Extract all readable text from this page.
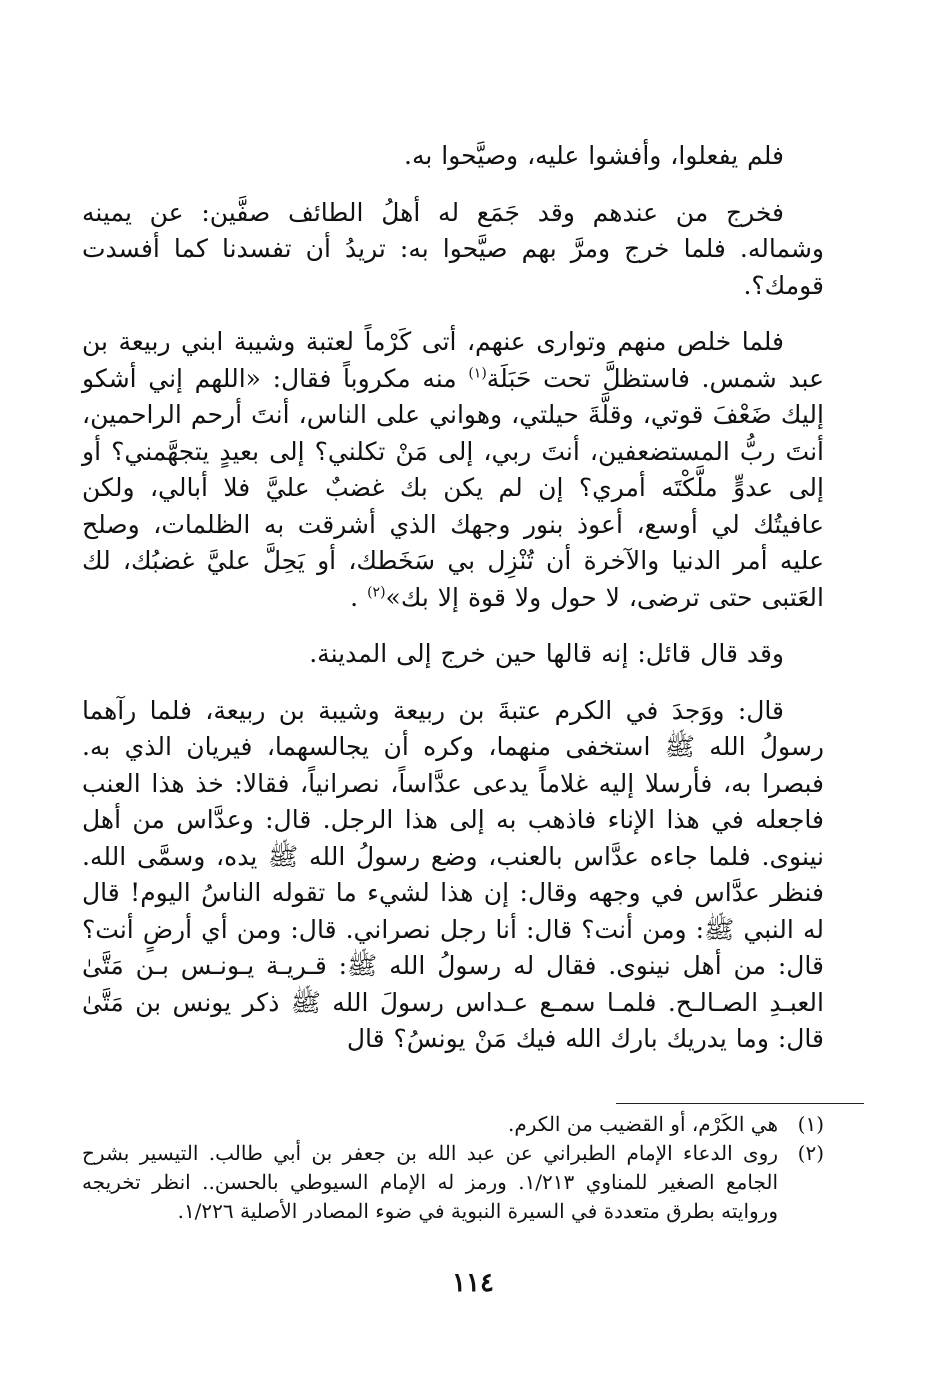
فلم يفعلوا، وأفشوا عليه، وصيَّحوا به.

فخرج من عندهم وقد جَمَع له أهلُ الطائف صفَّين: عن يمينه وشماله. فلما خرج ومرَّ بهم صيَّحوا به: تريدُ أن تفسدنا كما أفسدت قومك؟.

فلما خلص منهم وتوارى عنهم، أتى كَرْماً لعتبة وشيبة ابني ربيعة بن عبد شمس. فاستظلَّ تحت حَبَلَة$^{(١)}$ منه مكروباً فقال: «اللهم إني أشكو إليك ضَعْفَ قوتي، وقلَّةَ حيلتي، وهواني على الناس، أنتَ أرحم الراحمين، أنتَ ربُّ المستضعفين، أنتَ ربي، إلى مَنْ تكلني؟ إلى بعيدٍ يتجهَّمني؟ أو إلى عدوٍّ ملَّكْتَه أمري؟ إن لم يكن بك غضبٌ عليَّ فلا أبالي، ولكن عافيتُك لي أوسع، أعوذ بنور وجهك الذي أشرقت به الظلمات، وصلح عليه أمر الدنيا والآخرة أن تُنْزِل بي سَخَطك، أو يَحِلَّ عليَّ غضبُك، لك العَتبى حتى ترضى، لا حول ولا قوة إلا بك»$^{(٢)}$ .

وقد قال قائل: إنه قالها حين خرج إلى المدينة.

قال: ووَجدَ في الكرم عتبةَ بن ربيعة وشيبة بن ربيعة، فلما رآهما رسولُ الله ﷺ استخفى منهما، وكره أن يجالسهما، فيريان الذي به. فبصرا به، فأرسلا إليه غلاماً يدعى عدَّاساً، نصرانياً، فقالا: خذ هذا العنب فاجعله في هذا الإناء فاذهب به إلى هذا الرجل. قال: وعدَّاس من أهل نينوى. فلما جاءه عدَّاس بالعنب، وضع رسولُ الله ﷺ يده، وسمَّى الله. فنظر عدَّاس في وجهه وقال: إن هذا لشيء ما تقوله الناسُ اليوم! قال له النبي ﷺ: ومن أنت؟ قال: أنا رجل نصراني. قال: ومن أي أرضٍ أنت؟ قال: من أهل نينوى. فقال له رسولُ الله ﷺ: قـريـة يـونـس بـن مَتَّىٰ العبـدِ الصـالـح. فلمـا سمـع عـداس رسولَ الله ﷺ ذكر يونس بن مَتَّىٰ قال: وما يدريك بارك الله فيك مَنْ يونسُ؟ قال

(١)
هي الكَرْم، أو القضيب من الكرم.
(٢)
روى الدعاء الإمام الطبراني عن عبد الله بن جعفر بن أبي طالب. التيسير بشرح الجامع الصغير للمناوي ١/٢١٣. ورمز له الإمام السيوطي بالحسن.. انظر تخريجه وروايته بطرق متعددة في السيرة النبوية في ضوء المصادر الأصلية ١/٢٢٦.
١١٤
